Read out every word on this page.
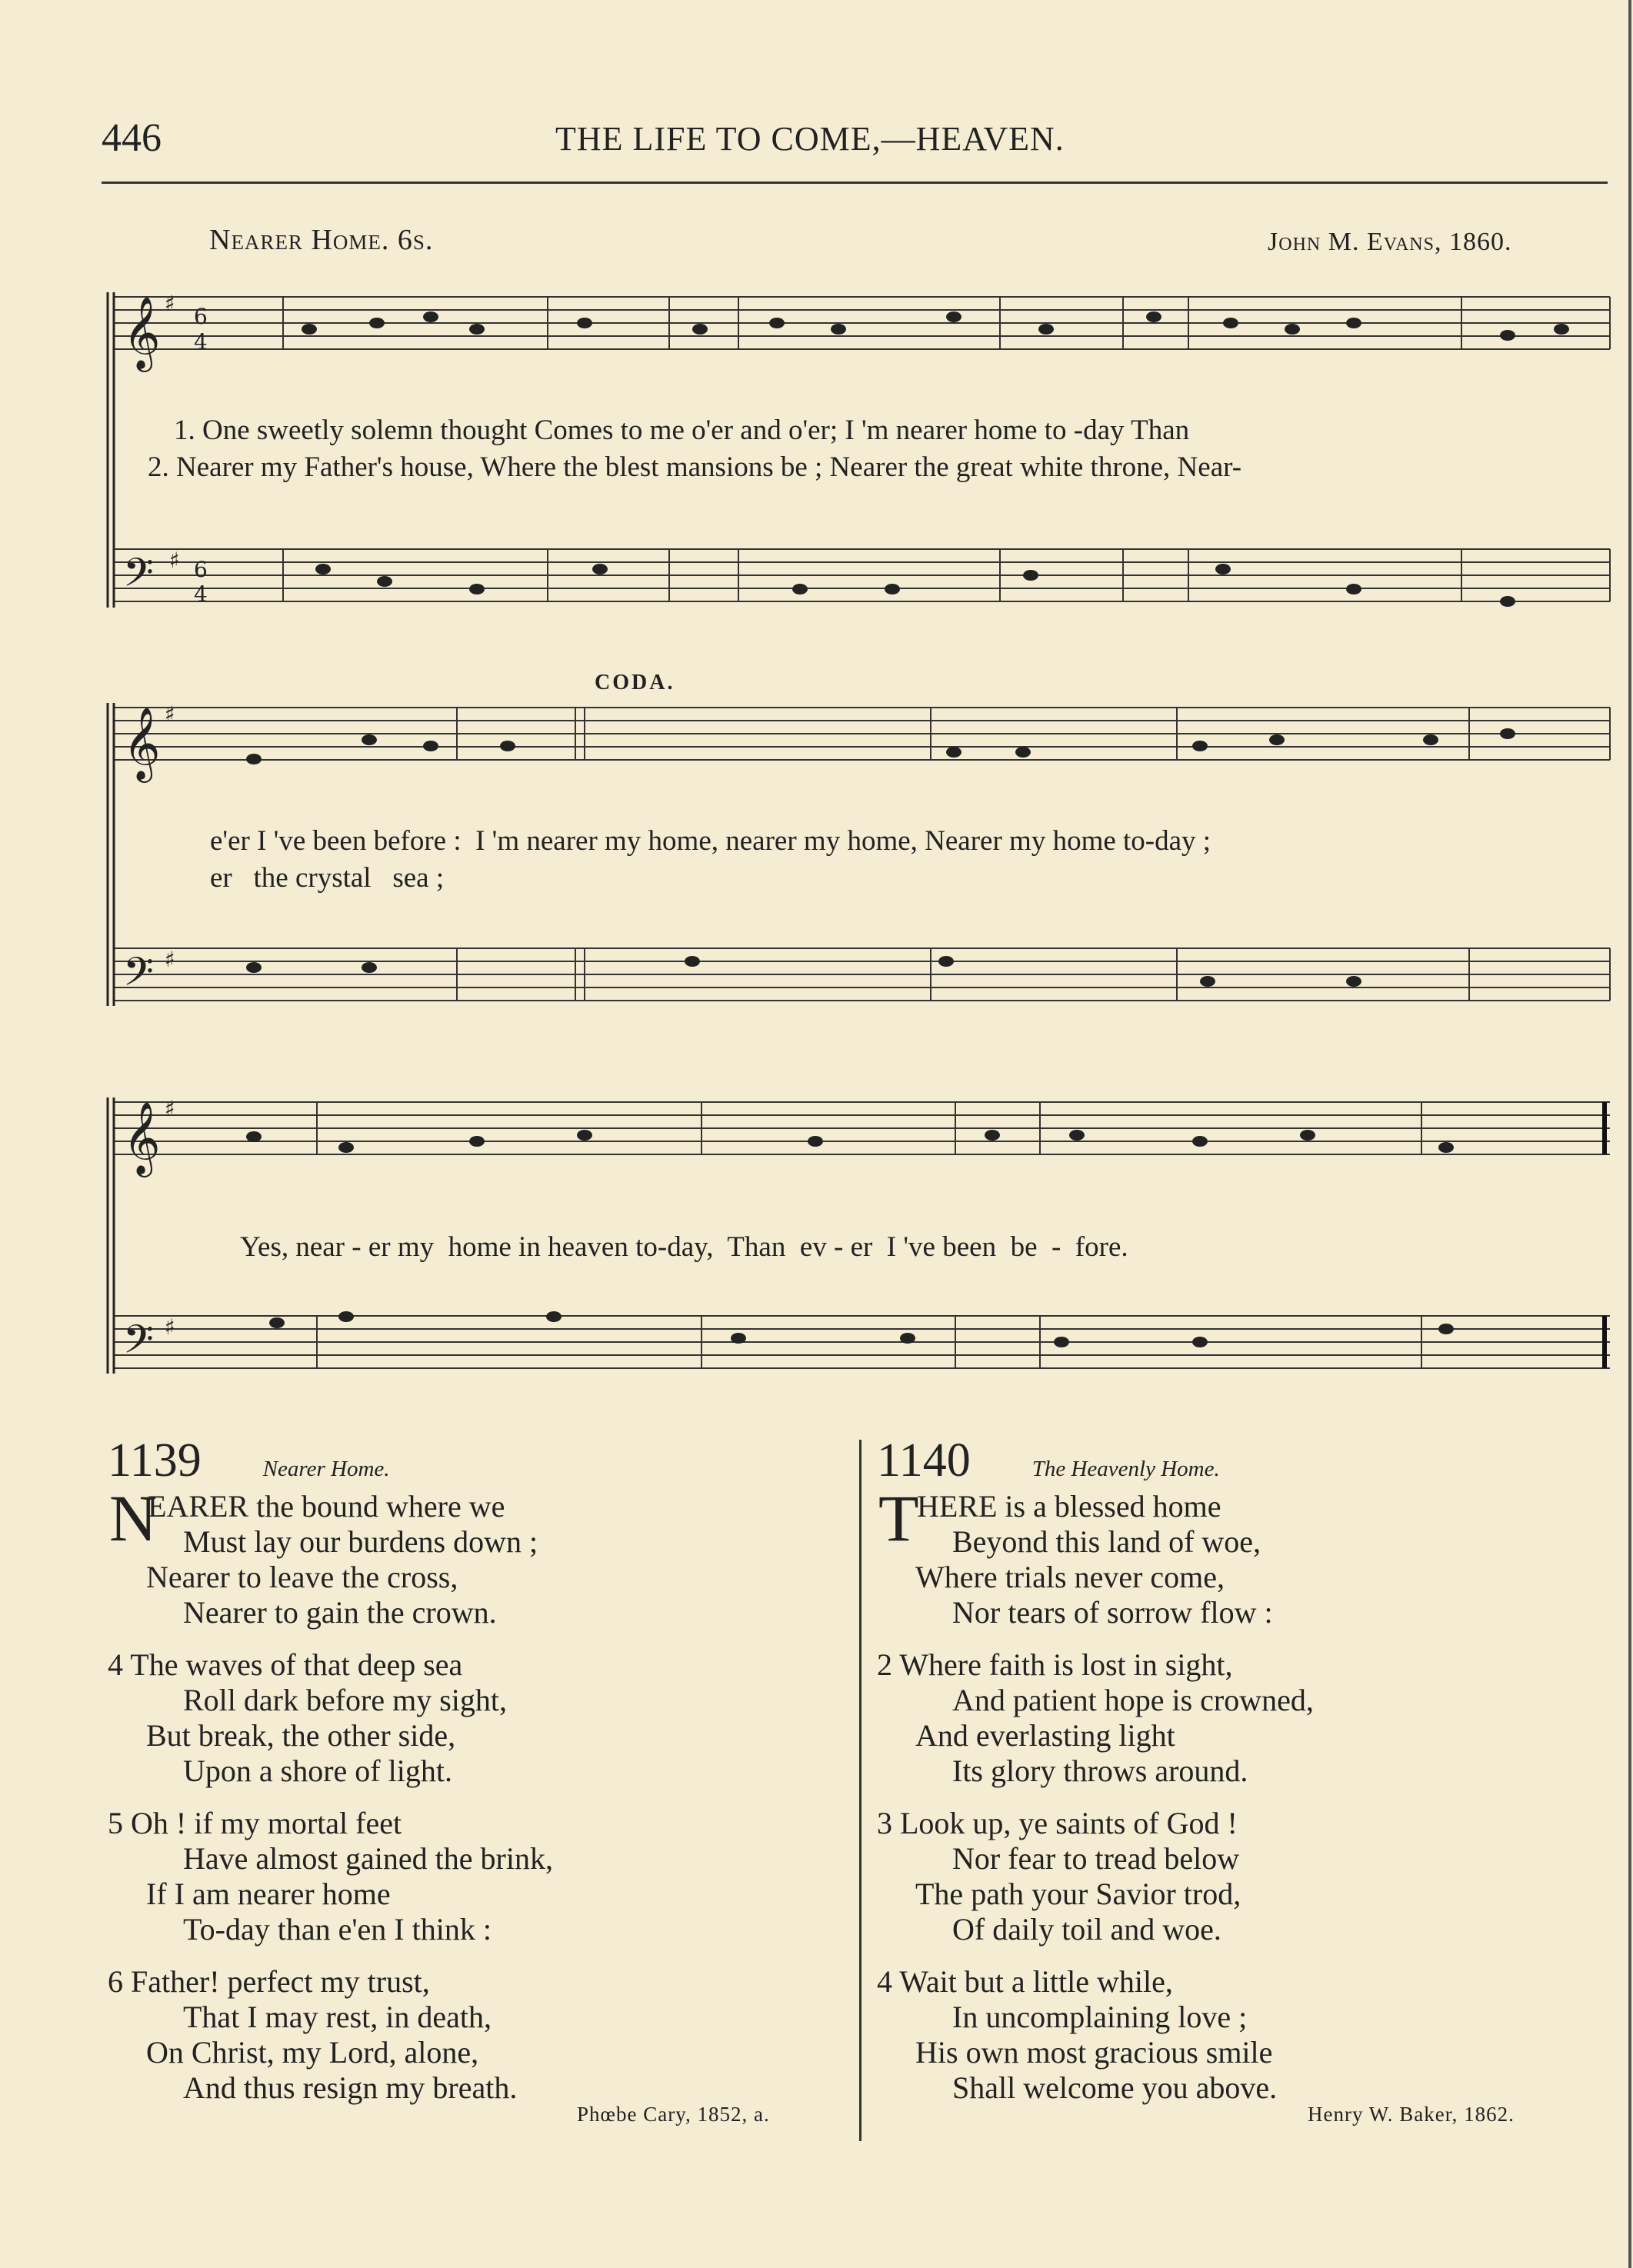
446	THE LIFE TO COME,—HEAVEN.
Nearer Home. 6s.	John M. Evans, 1860.
𝄞
𝄢
𝄞
𝄢
𝄞
𝄢
♯
6
4
♯ 6
4
♯
♯
♯
♯
1. One sweetly solemn thought Comes to me o'er and o'er; I 'm nearer home to -day Than
2. Nearer my Father's house, Where the blest mansions be ; Nearer the great white throne, Near-
CODA.
e'er I 've been before :  I 'm nearer my home, nearer my home, Nearer my home to-day ;
er   the crystal   sea ;
Yes, near - er my  home in heaven to-day,  Than  ev - er  I 've been  be  -  fore.
1139	Nearer Home.
N
EARER the bound where we
Must lay our burdens down ;
Nearer to leave the cross,
Nearer to gain the crown.
4 The waves of that deep sea
Roll dark before my sight,
But break, the other side,
Upon a shore of light.
5 Oh ! if my mortal feet
Have almost gained the brink,
If I am nearer home
To-day than e'en I think :
6 Father! perfect my trust,
That I may rest, in death,
On Christ, my Lord, alone,
And thus resign my breath.
Phœbe Cary, 1852, a.
1140	The Heavenly Home.
T
HERE is a blessed home
Beyond this land of woe,
Where trials never come,
Nor tears of sorrow flow :
2 Where faith is lost in sight,
And patient hope is crowned,
And everlasting light
Its glory throws around.
3 Look up, ye saints of God !
Nor fear to tread below
The path your Savior trod,
Of daily toil and woe.
4 Wait but a little while,
In uncomplaining love ;
His own most gracious smile
Shall welcome you above.
Henry W. Baker, 1862.
